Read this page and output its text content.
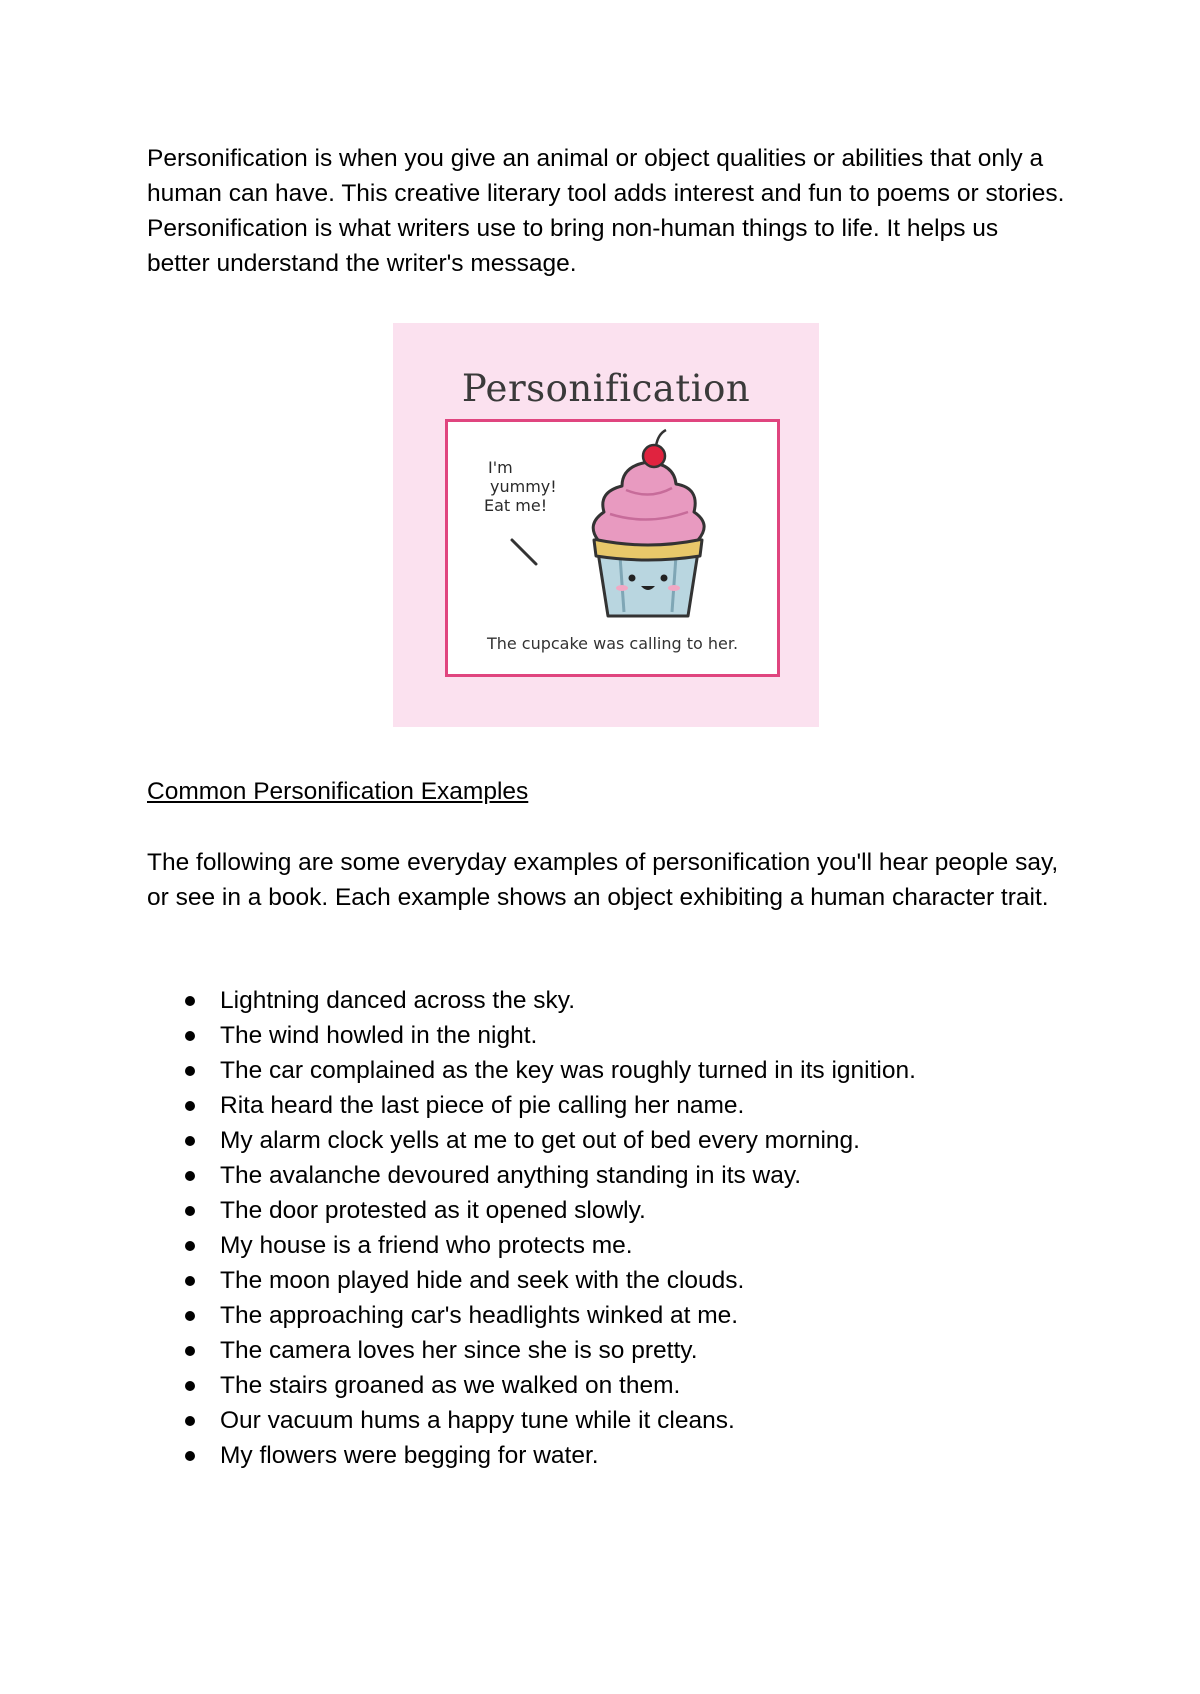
Personification is when you give an animal or object qualities or abilities that only a human can have. This creative literary tool adds interest and fun to poems or stories. Personification is what writers use to bring non-human things to life. It helps us better understand the writer's message.

Personification
I'm
yummy!
Eat me!
The cupcake was calling to her.
Common Personification Examples

The following are some everyday examples of personification you'll hear people say, or see in a book. Each example shows an object exhibiting a human character trait.

Lightning danced across the sky.
The wind howled in the night.
The car complained as the key was roughly turned in its ignition.
Rita heard the last piece of pie calling her name.
My alarm clock yells at me to get out of bed every morning.
The avalanche devoured anything standing in its way.
The door protested as it opened slowly.
My house is a friend who protects me.
The moon played hide and seek with the clouds.
The approaching car's headlights winked at me.
The camera loves her since she is so pretty.
The stairs groaned as we walked on them.
Our vacuum hums a happy tune while it cleans.
My flowers were begging for water.
